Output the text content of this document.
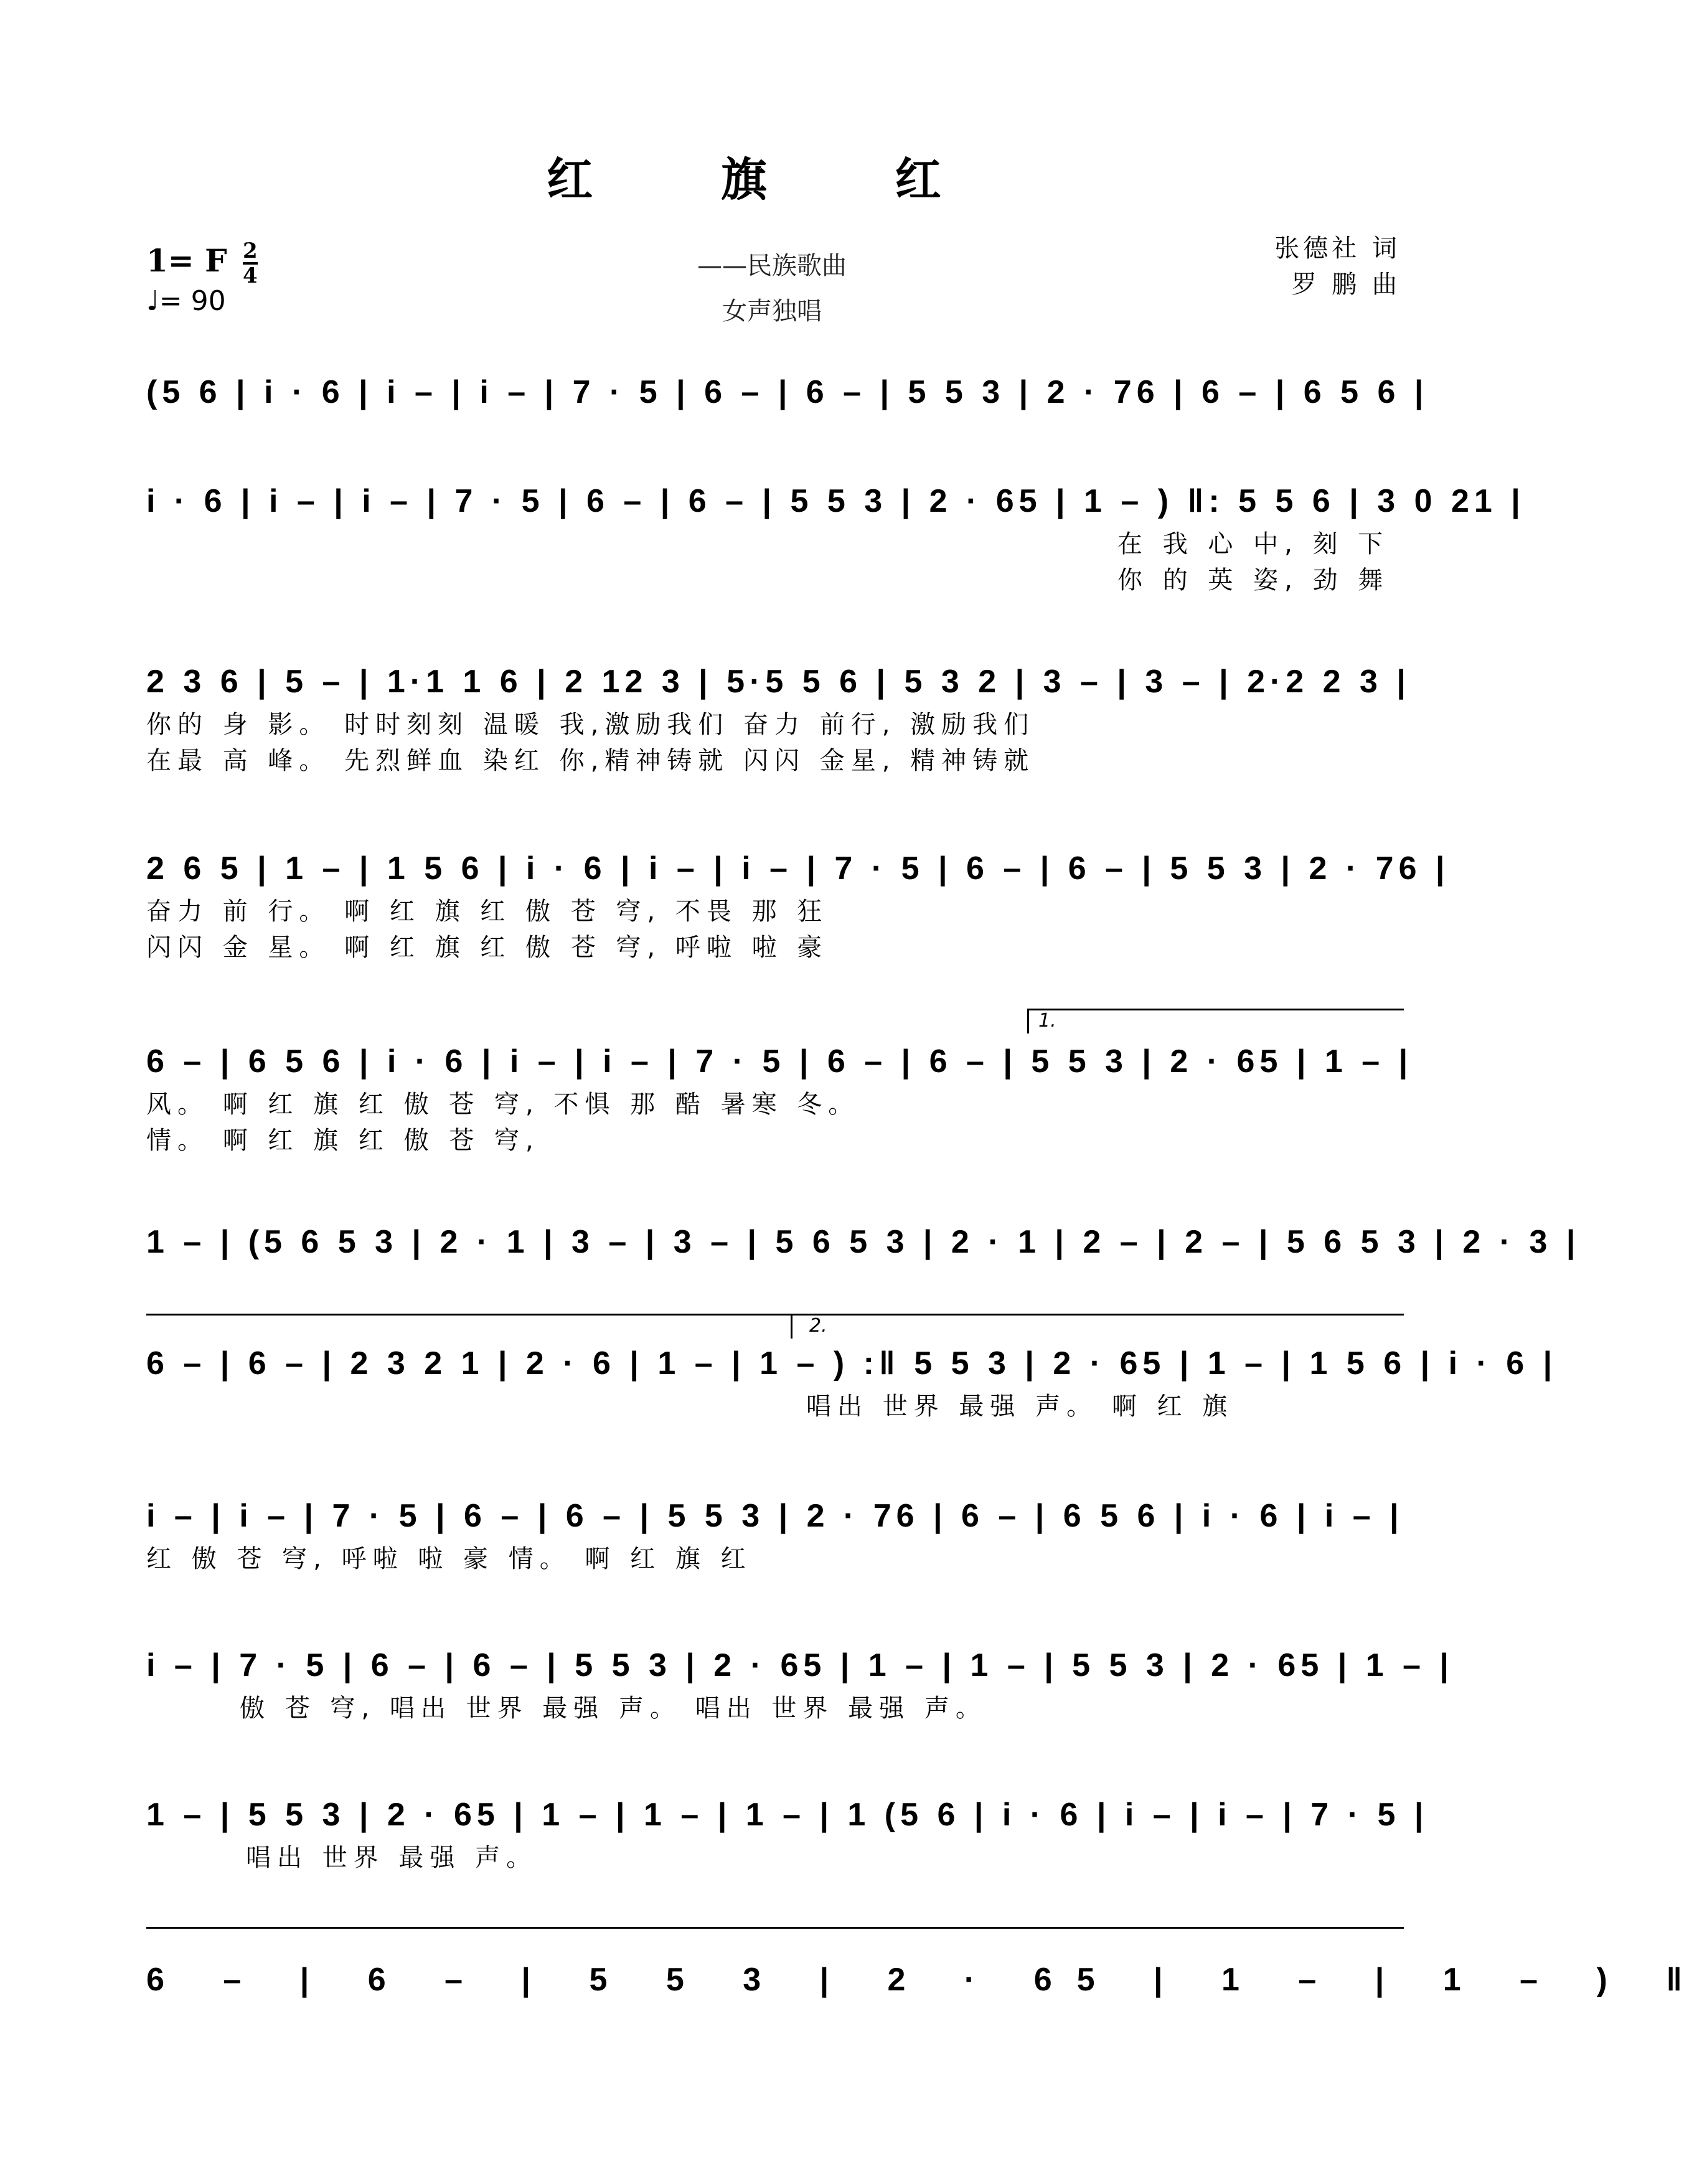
红 旗 红
1= F $\frac{2}{4}$
♩= 90
——民族歌曲
女声独唱
张德社 词
罗 鹏 曲
(5 6 | i · 6 | i – | i – | 7 · 5 | 6 – | 6 – | 5 5 3 | 2 · 76 | 6 – | 6 5 6 |
i · 6 | i – | i – | 7 · 5 | 6 – | 6 – | 5 5 3 | 2 · 65 | 1 – ) ‖: 5 5 6 | 3 0 21 |
在 我 心 中, 刻 下
你 的 英 姿, 劲 舞
2 3 6 | 5 – | 1·1 1 6 | 2 12 3 | 5·5 5 6 | 5 3 2 | 3 – | 3 – | 2·2 2 3 |
你的 身 影。 时时刻刻 温暖 我,激励我们 奋力 前行, 激励我们
在最 高 峰。 先烈鲜血 染红 你,精神铸就 闪闪 金星, 精神铸就
2 6 5 | 1 – | 1 5 6 | i · 6 | i – | i – | 7 · 5 | 6 – | 6 – | 5 5 3 | 2 · 76 |
奋力 前 行。 啊 红 旗 红 傲 苍 穹, 不畏 那 狂
闪闪 金 星。 啊 红 旗 红 傲 苍 穹, 呼啦 啦 豪
6 – | 6 5 6 | i · 6 | i – | i – | 7 · 5 | 6 – | 6 – | 5 5 3 | 2 · 65 | 1 – |
风。 啊 红 旗 红 傲 苍 穹, 不惧 那 酷 暑寒 冬。
情。 啊 红 旗 红 傲 苍 穹,
1.
1 – | (5 6 5 3 | 2 · 1 | 3 – | 3 – | 5 6 5 3 | 2 · 1 | 2 – | 2 – | 5 6 5 3 | 2 · 3 |
2.
6 – | 6 – | 2 3 2 1 | 2 · 6 | 1 – | 1 – ) :‖ 5 5 3 | 2 · 65 | 1 – | 1 5 6 | i · 6 |
唱出 世界 最强 声。 啊 红 旗
i – | i – | 7 · 5 | 6 – | 6 – | 5 5 3 | 2 · 76 | 6 – | 6 5 6 | i · 6 | i – |
红 傲 苍 穹, 呼啦 啦 豪 情。 啊 红 旗 红
i – | 7 · 5 | 6 – | 6 – | 5 5 3 | 2 · 65 | 1 – | 1 – | 5 5 3 | 2 · 65 | 1 – |
傲 苍 穹, 唱出 世界 最强 声。 唱出 世界 最强 声。
1 – | 5 5 3 | 2 · 65 | 1 – | 1 – | 1 – | 1 (5 6 | i · 6 | i – | i – | 7 · 5 |
唱出 世界 最强 声。
6 – | 6 – | 5 5 3 | 2 · 65 | 1 – | 1 – ) ‖
